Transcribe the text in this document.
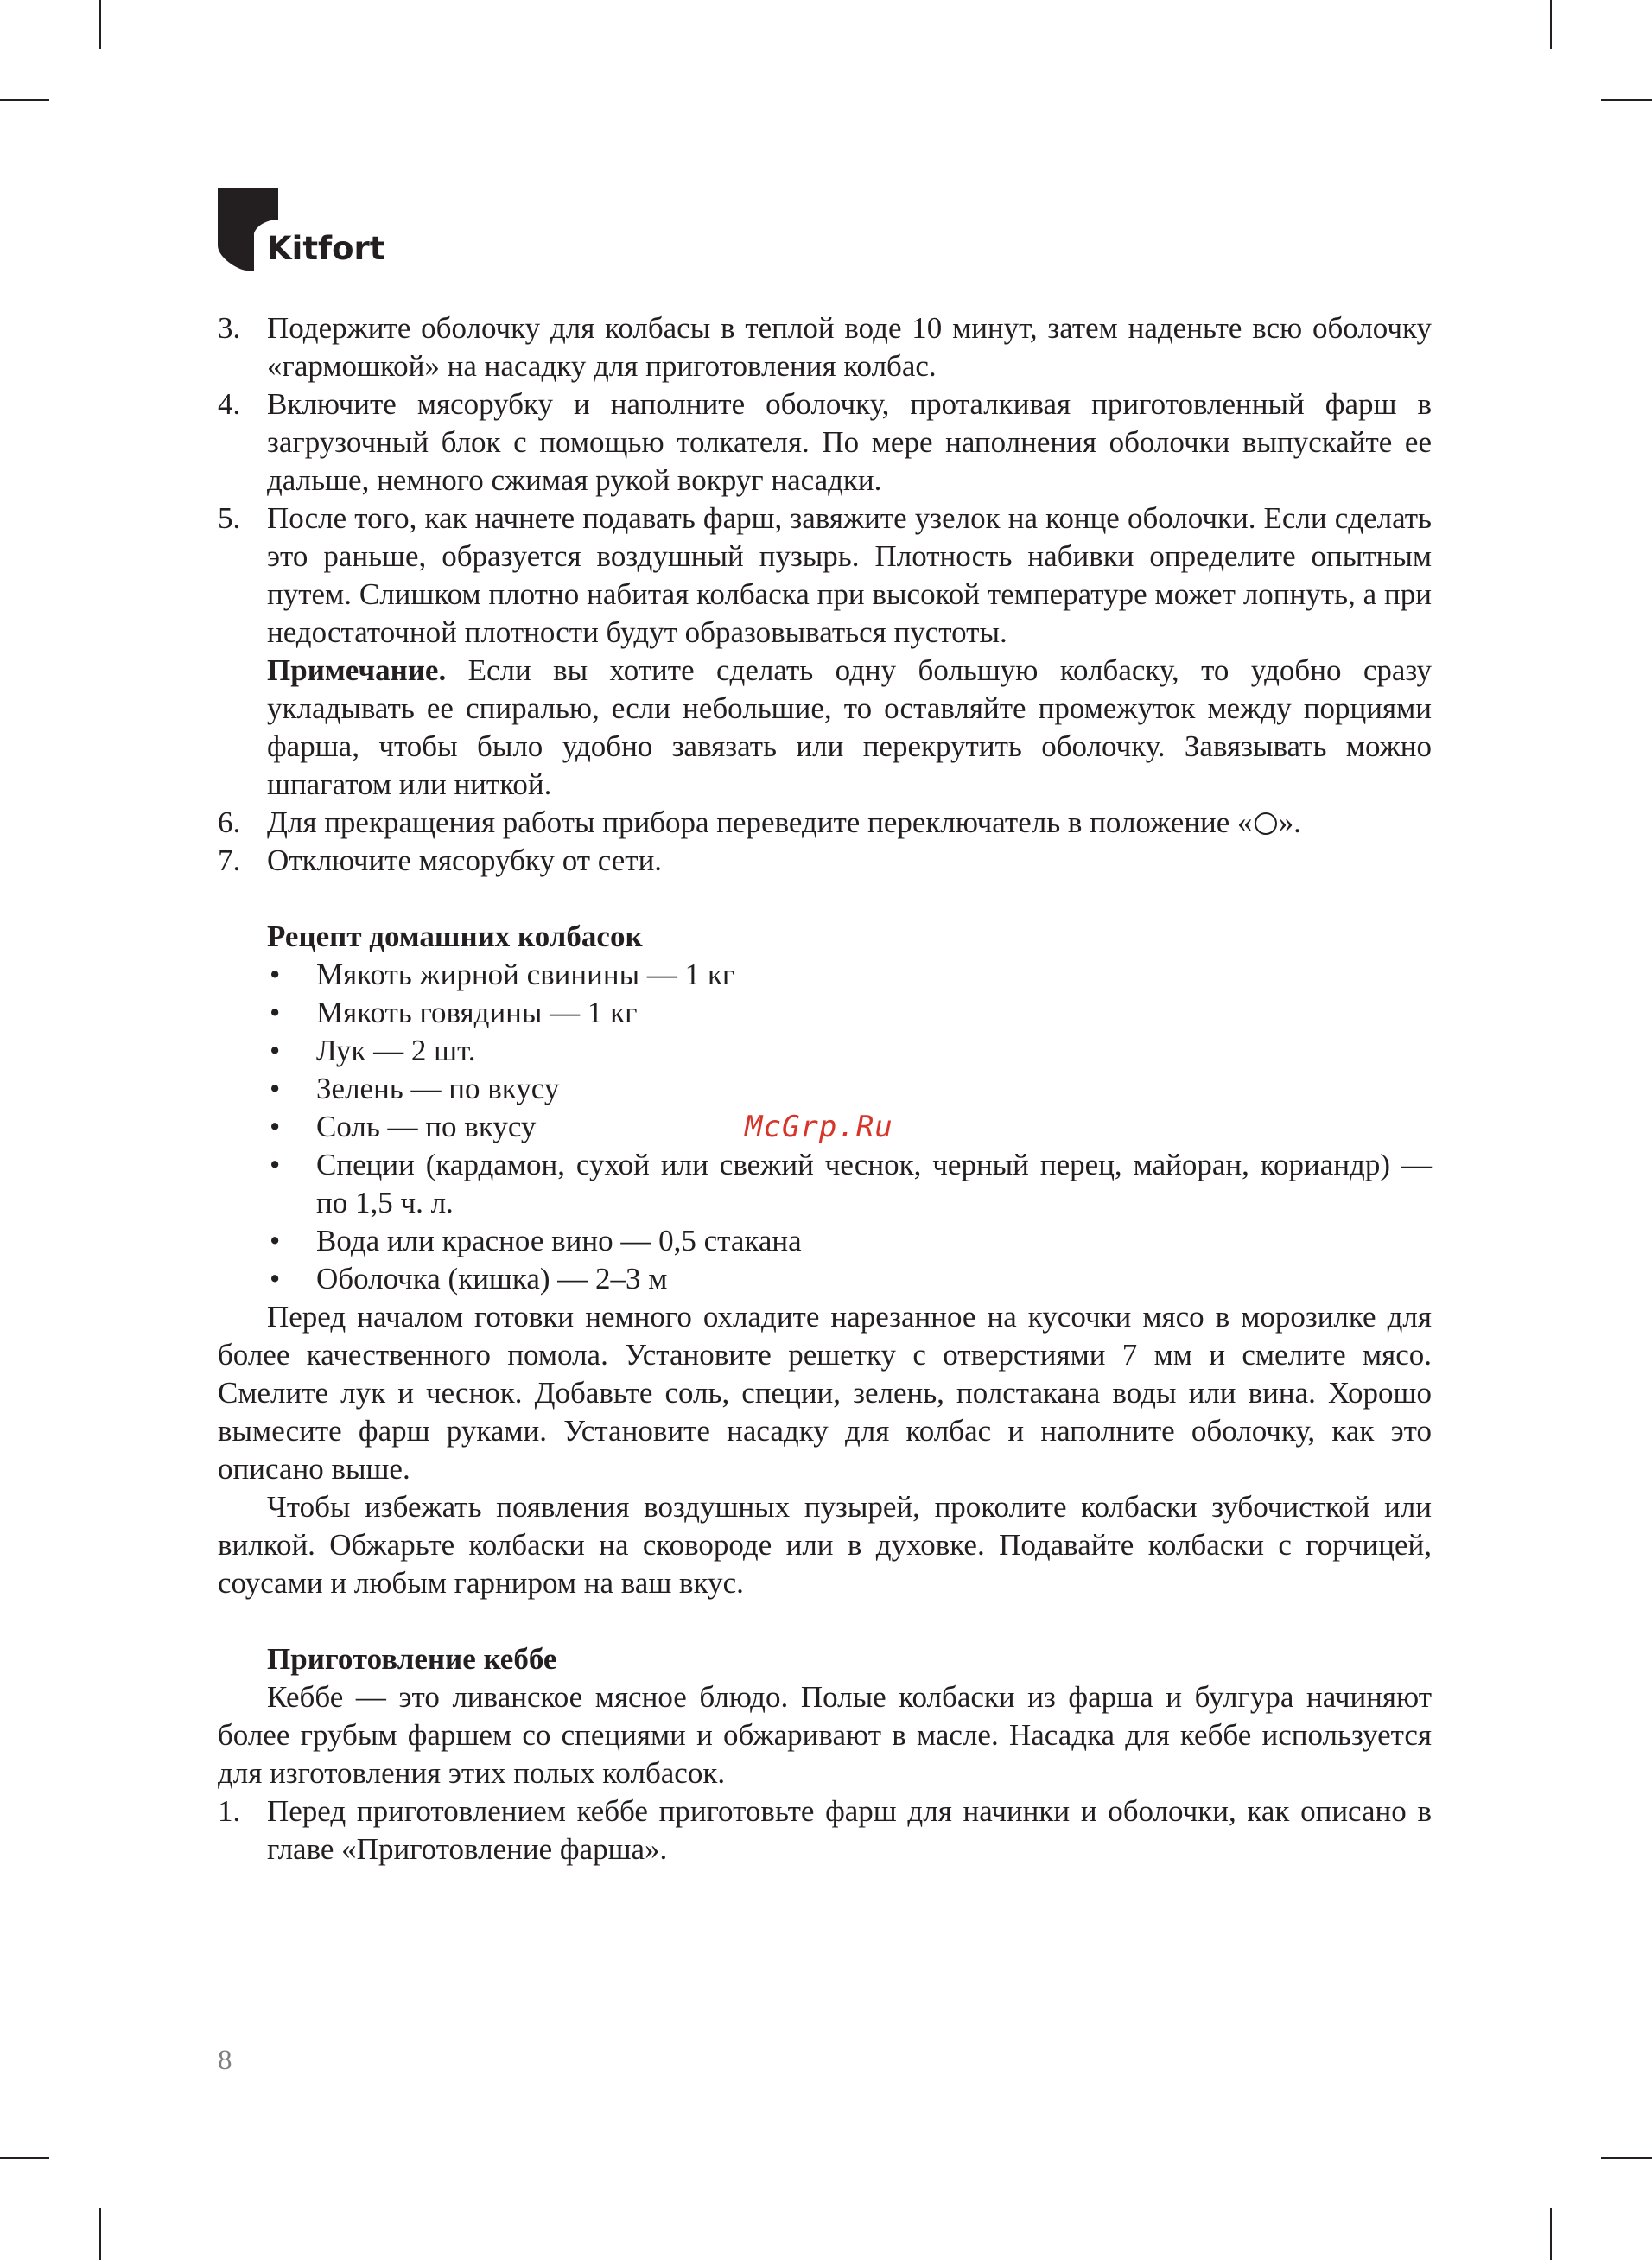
Kitfort
3. Подержите оболочку для колбасы в теплой воде 10 минут, затем наденьте всю оболочку «гармошкой» на насадку для приготовления колбас.
4. Включите мясорубку и наполните оболочку, проталкивая приготовленный фарш в загрузочный блок с помощью толкателя. По мере наполнения оболочки выпускайте ее дальше, немного сжимая рукой вокруг насадки.
5. После того, как начнете подавать фарш, завяжите узелок на конце оболочки. Если сделать это раньше, образуется воздушный пузырь. Плотность набивки определите опытным путем. Слишком плотно набитая колбаска при высокой температуре может лопнуть, а при недостаточной плотности будут образовываться пустоты.

Примечание. Если вы хотите сделать одну большую колбаску, то удобно сразу укладывать ее спиралью, если небольшие, то оставляйте промежуток между порциями фарша, чтобы было удобно завязать или перекрутить оболочку. Завязывать можно шпагатом или ниткой.

6. Для прекращения работы прибора переведите переключатель в положение « ».
7. Отключите мясорубку от сети.
Рецепт домашних колбасок
• Мякоть жирной свинины — 1 кг
• Мякоть говядины — 1 кг
• Лук — 2 шт.
• Зелень — по вкусу
• Соль — по вкусу
• Специи (кардамон, сухой или свежий чеснок, черный перец, майоран, кориандр) — по 1,5 ч. л.
• Вода или красное вино — 0,5 стакана
• Оболочка (кишка) — 2–3 м

Перед началом готовки немного охладите нарезанное на кусочки мясо в морозилке для более качественного помола. Установите решетку с отверстиями 7 мм и смелите мясо. Смелите лук и чеснок. Добавьте соль, специи, зелень, полстакана воды или вина. Хорошо вымесите фарш руками. Установите насадку для колбас и наполните оболочку, как это описано выше.

Чтобы избежать появления воздушных пузырей, проколите колбаски зубочисткой или вилкой. Обжарьте колбаски на сковороде или в духовке. Подавайте колбаски с горчицей, соусами и любым гарниром на ваш вкус.

Приготовление кеббе

Кеббе — это ливанское мясное блюдо. Полые колбаски из фарша и булгура начиняют более грубым фаршем со специями и обжаривают в масле. Насадка для кеббе используется для изготовления этих полых колбасок.

1. Перед приготовлением кеббе приготовьте фарш для начинки и оболочки, как описано в главе «Приготовление фарша».
McGrp.Ru
8
